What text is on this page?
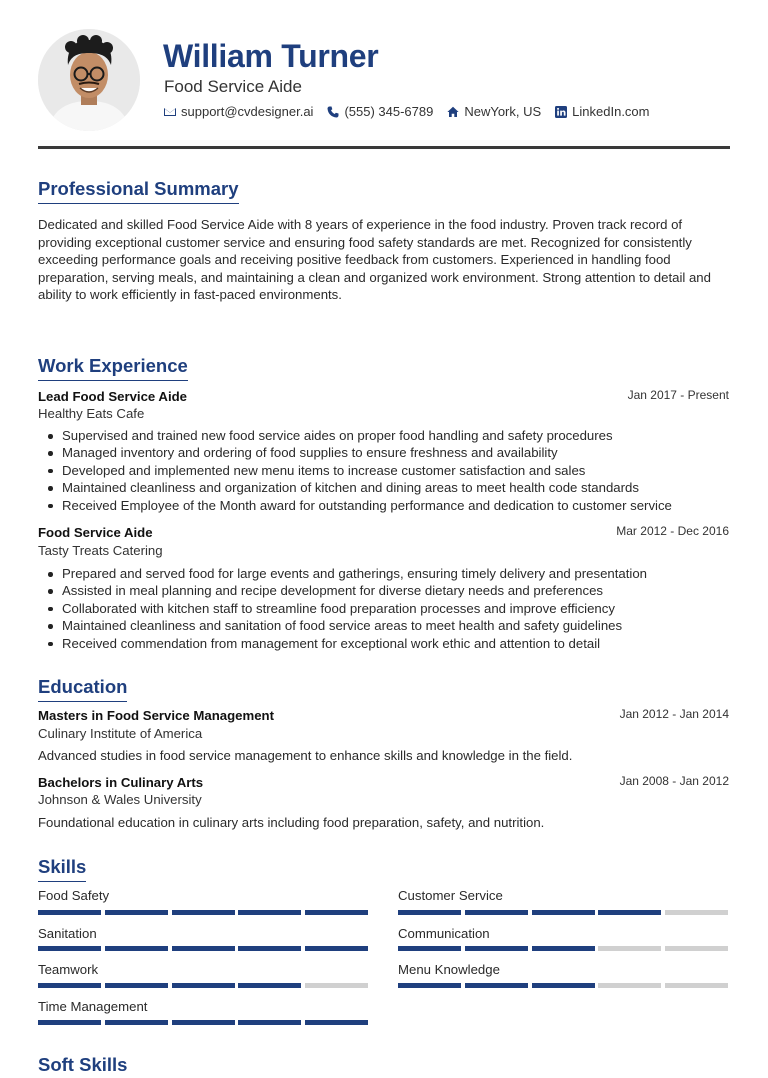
William Turner
Food Service Aide
support@cvdesigner.ai (555) 345-6789 NewYork, US LinkedIn.com
Professional Summary
Dedicated and skilled Food Service Aide with 8 years of experience in the food industry. Proven track record of providing exceptional customer service and ensuring food safety standards are met. Recognized for consistently exceeding performance goals and receiving positive feedback from customers. Experienced in handling food preparation, serving meals, and maintaining a clean and organized work environment. Strong attention to detail and ability to work efficiently in fast-paced environments.
Work Experience
Lead Food Service Aide	Jan 2017 - Present
Healthy Eats Cafe
Supervised and trained new food service aides on proper food handling and safety procedures
Managed inventory and ordering of food supplies to ensure freshness and availability
Developed and implemented new menu items to increase customer satisfaction and sales
Maintained cleanliness and organization of kitchen and dining areas to meet health code standards
Received Employee of the Month award for outstanding performance and dedication to customer service
Food Service Aide	Mar 2012 - Dec 2016
Tasty Treats Catering
Prepared and served food for large events and gatherings, ensuring timely delivery and presentation
Assisted in meal planning and recipe development for diverse dietary needs and preferences
Collaborated with kitchen staff to streamline food preparation processes and improve efficiency
Maintained cleanliness and sanitation of food service areas to meet health and safety guidelines
Received commendation from management for exceptional work ethic and attention to detail
Education
Masters in Food Service Management	Jan 2012 - Jan 2014
Culinary Institute of America
Advanced studies in food service management to enhance skills and knowledge in the field.
Bachelors in Culinary Arts	Jan 2008 - Jan 2012
Johnson & Wales University
Foundational education in culinary arts including food preparation, safety, and nutrition.
Skills
Food Safety	Customer Service
Sanitation	Communication
Teamwork	Menu Knowledge
Time Management
Soft Skills
